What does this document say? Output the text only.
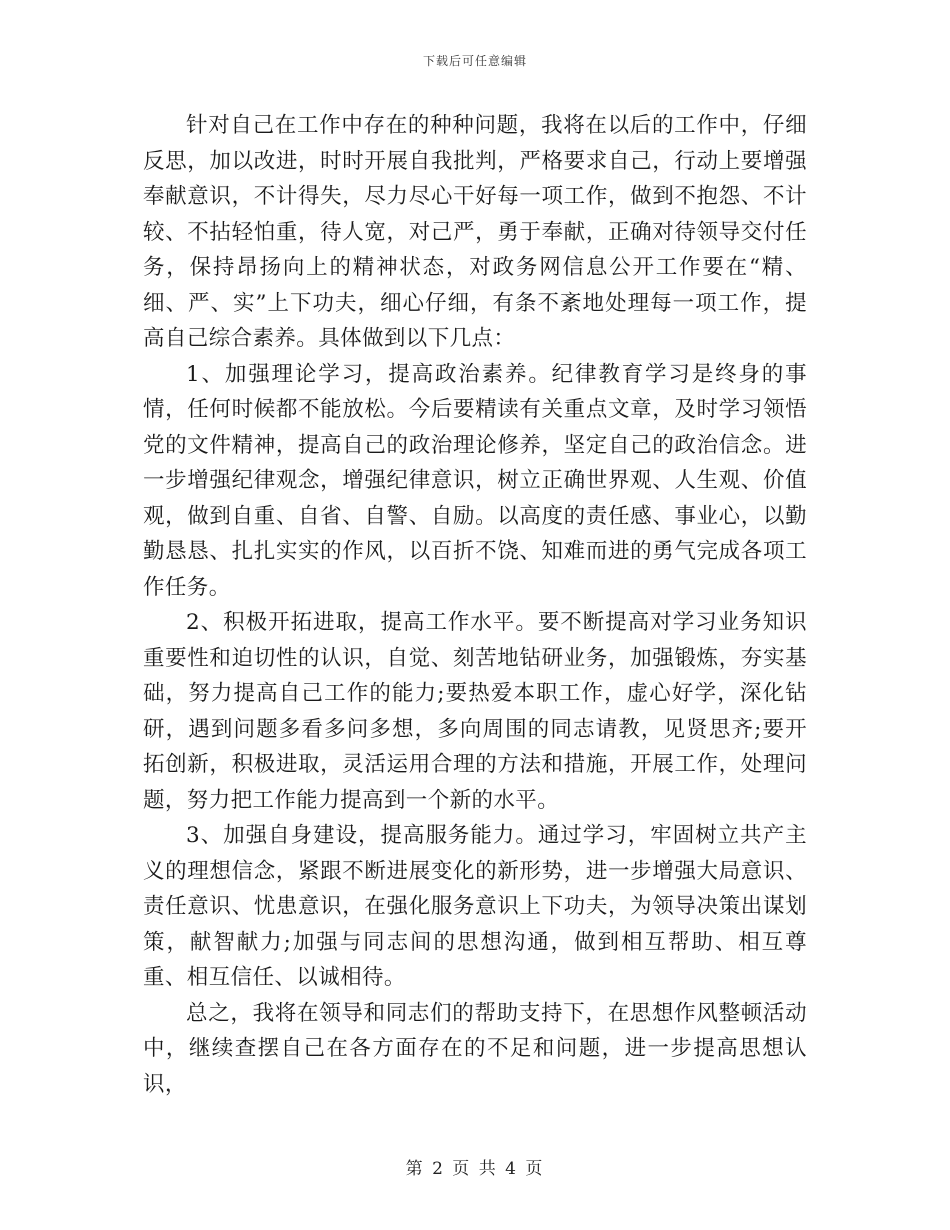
下载后可任意编辑

针对自己在工作中存在的种种问题，我将在以后的工作中，仔细反思，加以改进，时时开展自我批判，严格要求自己，行动上要增强奉献意识，不计得失，尽力尽心干好每一项工作，做到不抱怨、不计较、不拈轻怕重，待人宽，对己严，勇于奉献，正确对待领导交付任务，保持昂扬向上的精神状态，对政务网信息公开工作要在“精、细、严、实”上下功夫，细心仔细，有条不紊地处理每一项工作，提高自己综合素养。具体做到以下几点：

1、加强理论学习，提高政治素养。纪律教育学习是终身的事情，任何时候都不能放松。今后要精读有关重点文章，及时学习领悟党的文件精神，提高自己的政治理论修养，坚定自己的政治信念。进一步增强纪律观念，增强纪律意识，树立正确世界观、人生观、价值观，做到自重、自省、自警、自励。以高度的责任感、事业心，以勤勤恳恳、扎扎实实的作风，以百折不饶、知难而进的勇气完成各项工作任务。

2、积极开拓进取，提高工作水平。要不断提高对学习业务知识重要性和迫切性的认识，自觉、刻苦地钻研业务，加强锻炼，夯实基础，努力提高自己工作的能力;要热爱本职工作，虚心好学，深化钻研，遇到问题多看多问多想，多向周围的同志请教，见贤思齐;要开拓创新，积极进取，灵活运用合理的方法和措施，开展工作，处理问题，努力把工作能力提高到一个新的水平。

3、加强自身建设，提高服务能力。通过学习，牢固树立共产主义的理想信念，紧跟不断进展变化的新形势，进一步增强大局意识、责任意识、忧患意识，在强化服务意识上下功夫，为领导决策出谋划策，献智献力;加强与同志间的思想沟通，做到相互帮助、相互尊重、相互信任、以诚相待。

总之，我将在领导和同志们的帮助支持下，在思想作风整顿活动中，继续查摆自己在各方面存在的不足和问题，进一步提高思想认识，

第 2 页 共 4 页
